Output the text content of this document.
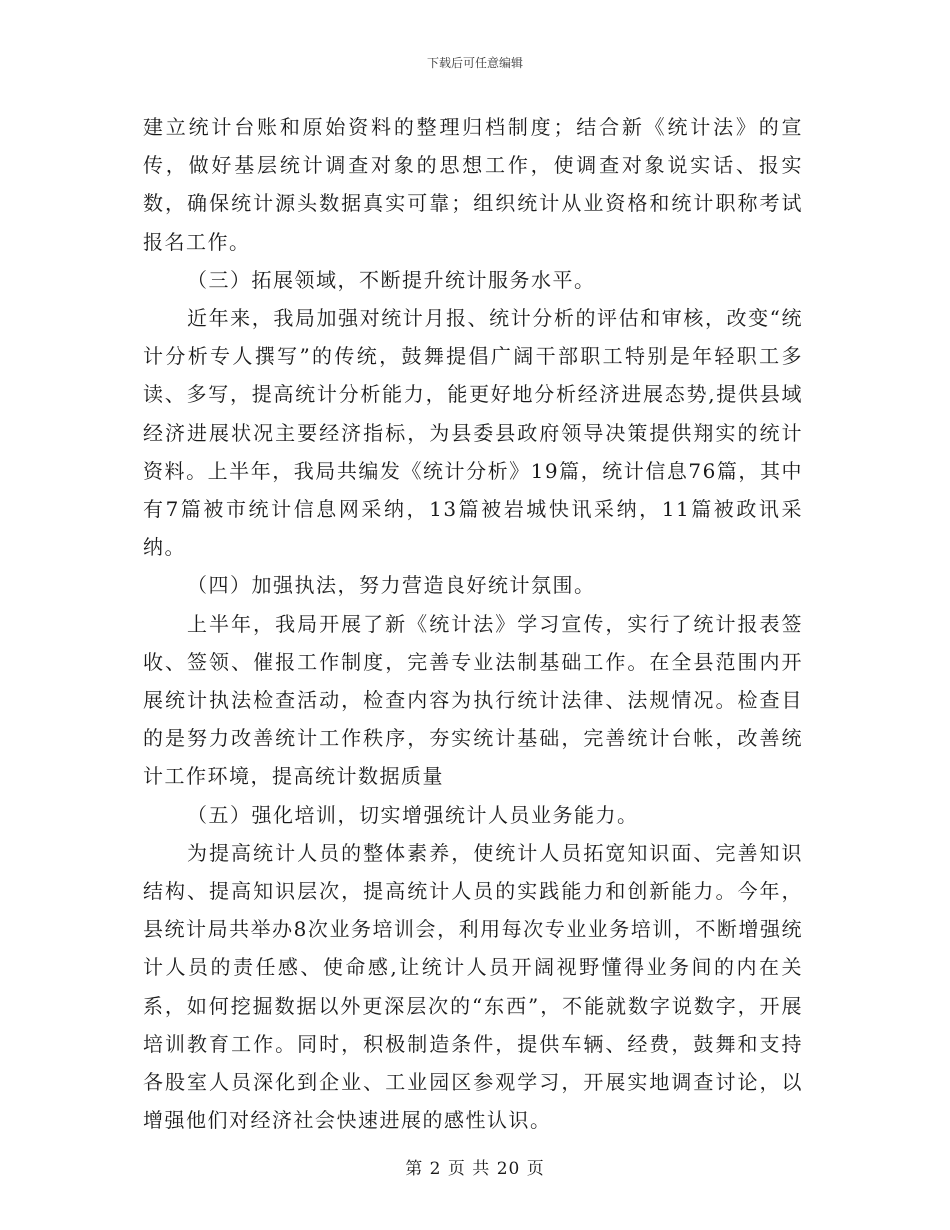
下载后可任意编辑

建立统计台账和原始资料的整理归档制度；结合新《统计法》的宣传，做好基层统计调查对象的思想工作，使调查对象说实话、报实数，确保统计源头数据真实可靠；组织统计从业资格和统计职称考试报名工作。

（三）拓展领域，不断提升统计服务水平。

近年来，我局加强对统计月报、统计分析的评估和审核，改变“统计分析专人撰写”的传统，鼓舞提倡广阔干部职工特别是年轻职工多读、多写，提高统计分析能力，能更好地分析经济进展态势,提供县域经济进展状况主要经济指标，为县委县政府领导决策提供翔实的统计资料。上半年，我局共编发《统计分析》19篇，统计信息76篇，其中有7篇被市统计信息网采纳，13篇被岩城快讯采纳，11篇被政讯采纳。

（四）加强执法，努力营造良好统计氛围。

上半年，我局开展了新《统计法》学习宣传，实行了统计报表签收、签领、催报工作制度，完善专业法制基础工作。在全县范围内开展统计执法检查活动，检查内容为执行统计法律、法规情况。检查目的是努力改善统计工作秩序，夯实统计基础，完善统计台帐，改善统计工作环境，提高统计数据质量

（五）强化培训，切实增强统计人员业务能力。

为提高统计人员的整体素养，使统计人员拓宽知识面、完善知识结构、提高知识层次，提高统计人员的实践能力和创新能力。今年，县统计局共举办8次业务培训会，利用每次专业业务培训，不断增强统计人员的责任感、使命感,让统计人员开阔视野懂得业务间的内在关系，如何挖掘数据以外更深层次的“东西”，不能就数字说数字，开展培训教育工作。同时，积极制造条件，提供车辆、经费，鼓舞和支持各股室人员深化到企业、工业园区参观学习，开展实地调查讨论，以增强他们对经济社会快速进展的感性认识。

第 2 页 共 20 页
